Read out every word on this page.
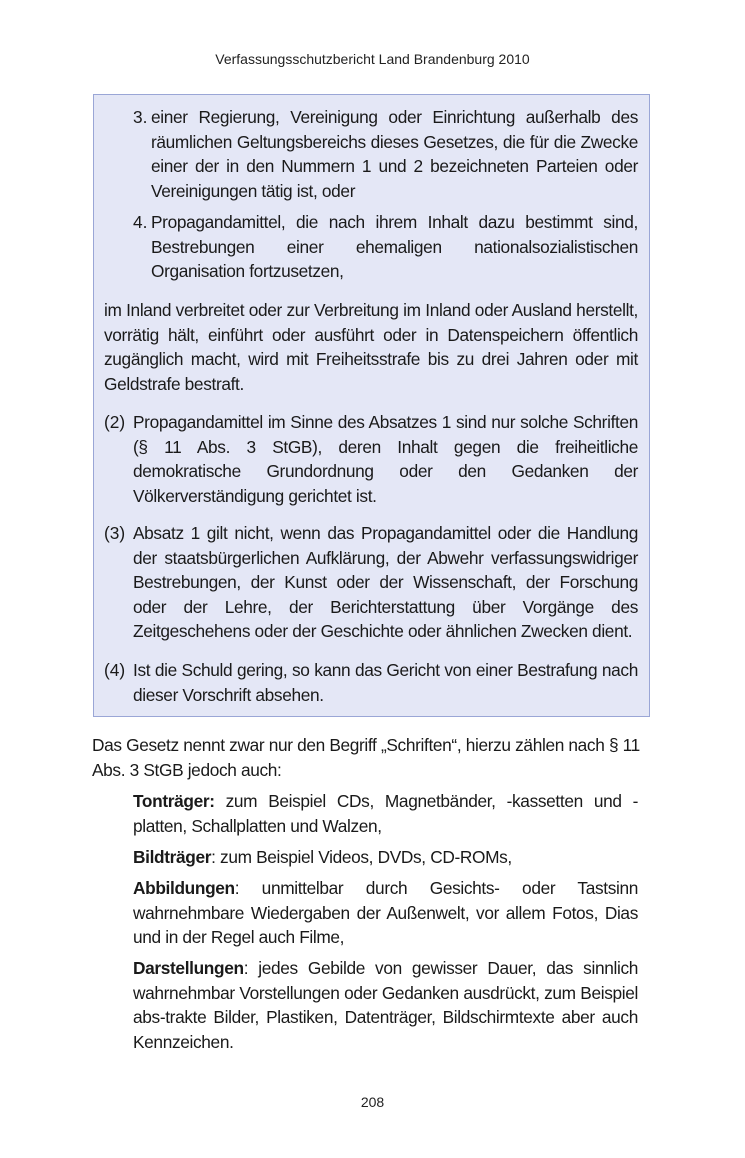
Verfassungsschutzbericht Land Brandenburg 2010
3. einer Regierung, Vereinigung oder Einrichtung außerhalb des räumlichen Geltungsbereichs dieses Gesetzes, die für die Zwecke einer der in den Nummern 1 und 2 bezeichneten Parteien oder Vereinigungen tätig ist, oder
4. Propagandamittel, die nach ihrem Inhalt dazu bestimmt sind, Bestrebungen einer ehemaligen nationalsozialistischen Organisation fortzusetzen,
im Inland verbreitet oder zur Verbreitung im Inland oder Ausland herstellt, vorrätig hält, einführt oder ausführt oder in Datenspeichern öffentlich zugänglich macht, wird mit Freiheitsstrafe bis zu drei Jahren oder mit Geldstrafe bestraft.
(2) Propagandamittel im Sinne des Absatzes 1 sind nur solche Schriften (§ 11 Abs. 3 StGB), deren Inhalt gegen die freiheitliche demokratische Grundordnung oder den Gedanken der Völkerverständigung gerichtet ist.
(3) Absatz 1 gilt nicht, wenn das Propagandamittel oder die Handlung der staatsbürgerlichen Aufklärung, der Abwehr verfassungswidriger Bestrebungen, der Kunst oder der Wissenschaft, der Forschung oder der Lehre, der Berichterstattung über Vorgänge des Zeitgeschehens oder der Geschichte oder ähnlichen Zwecken dient.
(4) Ist die Schuld gering, so kann das Gericht von einer Bestrafung nach dieser Vorschrift absehen.
Das Gesetz nennt zwar nur den Begriff „Schriften“, hierzu zählen nach § 11 Abs. 3 StGB jedoch auch:
Tonträger: zum Beispiel CDs, Magnetbänder, -kassetten und -platten, Schallplatten und Walzen,
Bildträger: zum Beispiel Videos, DVDs, CD-ROMs,
Abbildungen: unmittelbar durch Gesichts- oder Tastsinn wahrnehmbare Wiedergaben der Außenwelt, vor allem Fotos, Dias und in der Regel auch Filme,
Darstellungen: jedes Gebilde von gewisser Dauer, das sinnlich wahrnehmbar Vorstellungen oder Gedanken ausdrückt, zum Beispiel abs-trakte Bilder, Plastiken, Datenträger, Bildschirmtexte aber auch Kennzeichen.
208
